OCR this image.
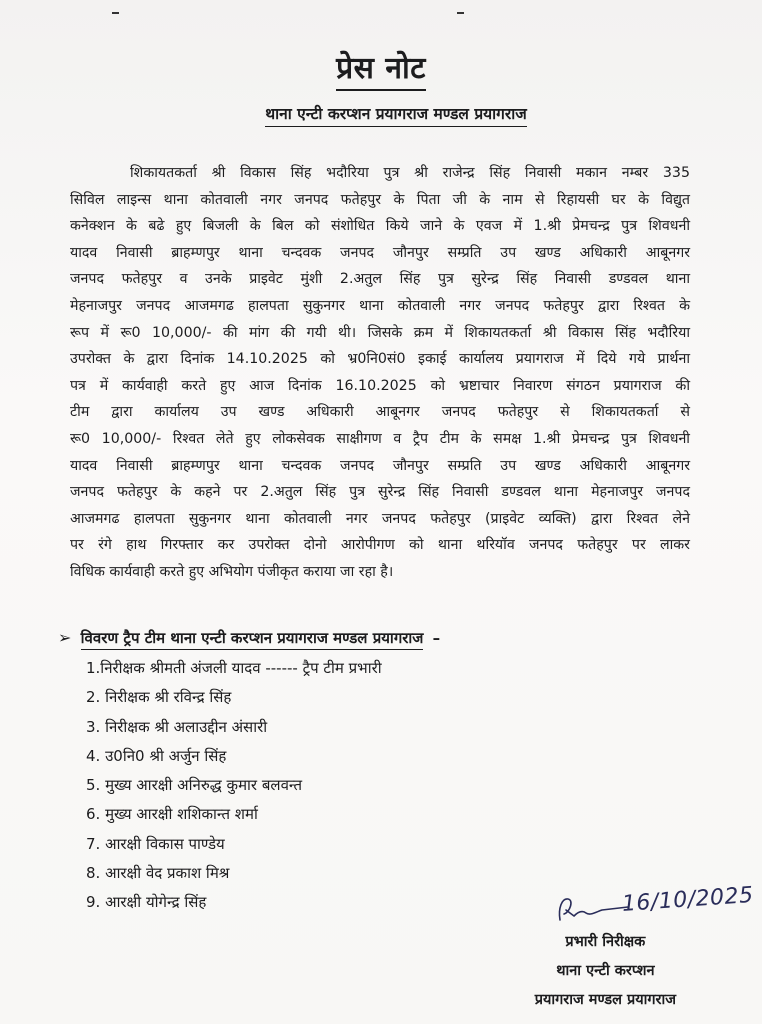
प्रेस नोट
थाना एन्टी करप्शन प्रयागराज मण्डल प्रयागराज
शिकायतकर्ता श्री विकास सिंह भदौरिया पुत्र श्री राजेन्द्र सिंह निवासी मकान नम्बर 335
सिविल लाइन्स थाना कोतवाली नगर जनपद फतेहपुर के पिता जी के नाम से रिहायसी घर के विद्युत
कनेक्शन के बढे हुए बिजली के बिल को संशोधित किये जाने के एवज में 1.श्री प्रेमचन्द्र पुत्र शिवधनी
यादव निवासी ब्राहम्णपुर थाना चन्दवक जनपद जौनपुर सम्प्रति उप खण्ड अधिकारी आबूनगर
जनपद फतेहपुर व उनके प्राइवेट मुंशी 2.अतुल सिंह पुत्र सुरेन्द्र सिंह निवासी डण्डवल थाना
मेहनाजपुर जनपद आजमगढ हालपता सुकुनगर थाना कोतवाली नगर जनपद फतेहपुर द्वारा रिश्वत के
रूप में रू0 10,000/- की मांग की गयी थी। जिसके क्रम में शिकायतकर्ता श्री विकास सिंह भदौरिया
उपरोक्त के द्वारा दिनांक 14.10.2025 को भ्र0नि0सं0 इकाई कार्यालय प्रयागराज में दिये गये प्रार्थना
पत्र में कार्यवाही करते हुए आज दिनांक 16.10.2025 को भ्रष्टाचार निवारण संगठन प्रयागराज की
टीम द्वारा कार्यालय उप खण्ड अधिकारी आबूनगर जनपद फतेहपुर से शिकायतकर्ता से
रू0 10,000/- रिश्वत लेते हुए लोकसेवक साक्षीगण व ट्रैप टीम के समक्ष 1.श्री प्रेमचन्द्र पुत्र शिवधनी
यादव निवासी ब्राहम्णपुर थाना चन्दवक जनपद जौनपुर सम्प्रति उप खण्ड अधिकारी आबूनगर
जनपद फतेहपुर के कहने पर 2.अतुल सिंह पुत्र सुरेन्द्र सिंह निवासी डण्डवल थाना मेहनाजपुर जनपद
आजमगढ हालपता सुकुनगर थाना कोतवाली नगर जनपद फतेहपुर (प्राइवेट व्यक्ति) द्वारा रिश्वत लेने
पर रंगे हाथ गिरफ्तार कर उपरोक्त दोनो आरोपीगण को थाना थरियॉव जनपद फतेहपुर पर लाकर
विधिक कार्यवाही करते हुए अभियोग पंजीकृत कराया जा रहा है।
➢ विवरण ट्रैप टीम थाना एन्टी करप्शन प्रयागराज मण्डल प्रयागराज –
1.निरीक्षक श्रीमती अंजली यादव ------ ट्रैप टीम प्रभारी
2. निरीक्षक श्री रविन्द्र सिंह
3. निरीक्षक श्री अलाउद्दीन अंसारी
4. उ0नि0 श्री अर्जुन सिंह
5. मुख्य आरक्षी अनिरुद्ध कुमार बलवन्त
6. मुख्य आरक्षी शशिकान्त शर्मा
7. आरक्षी विकास पाण्डेय
8. आरक्षी वेद प्रकाश मिश्र
9. आरक्षी योगेन्द्र सिंह	16/10/2025
प्रभारी निरीक्षक
थाना एन्टी करप्शन
प्रयागराज मण्डल प्रयागराज
